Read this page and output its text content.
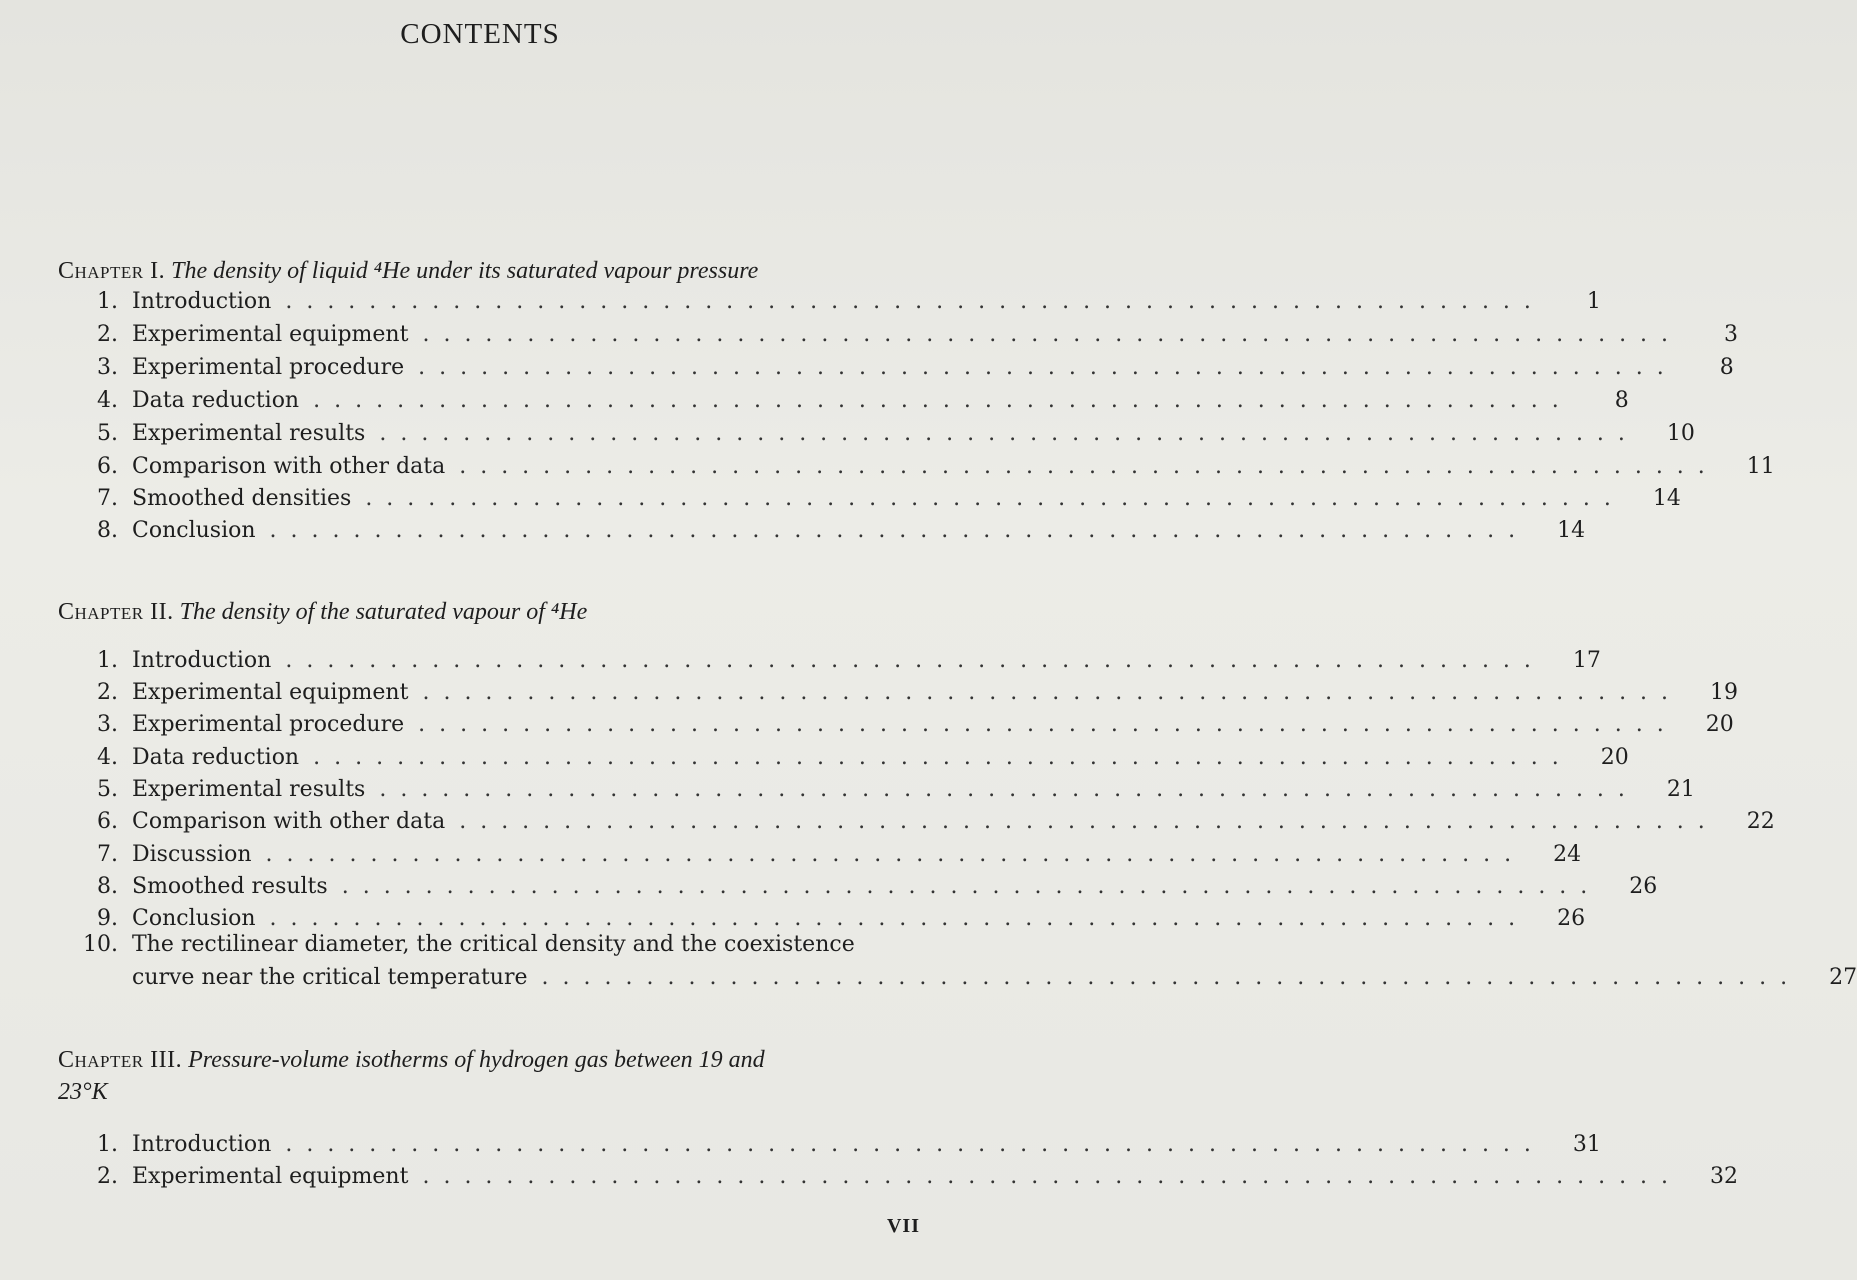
CONTENTS
Chapter I. The density of liquid ⁴He under its saturated vapour pressure
1. Introduction ............................................................	1
2. Experimental equipment ............................................................	3
3. Experimental procedure ............................................................	8
4. Data reduction ............................................................	8
5. Experimental results ............................................................	10
6. Comparison with other data ............................................................	11
7. Smoothed densities ............................................................	14
8. Conclusion ............................................................	14
Chapter II. The density of the saturated vapour of ⁴He
1. Introduction ............................................................	17
2. Experimental equipment ............................................................	19
3. Experimental procedure ............................................................	20
4. Data reduction ............................................................	20
5. Experimental results ............................................................	21
6. Comparison with other data ............................................................	22
7. Discussion ............................................................	24
8. Smoothed results ............................................................	26
9. Conclusion ............................................................	26
10. The rectilinear diameter, the critical density and the coexistence
curve near the critical temperature ............................................................	27
Chapter III. Pressure-volume isotherms of hydrogen gas between 19 and
23°K
1. Introduction ............................................................	31
2. Experimental equipment ............................................................	32
VII
